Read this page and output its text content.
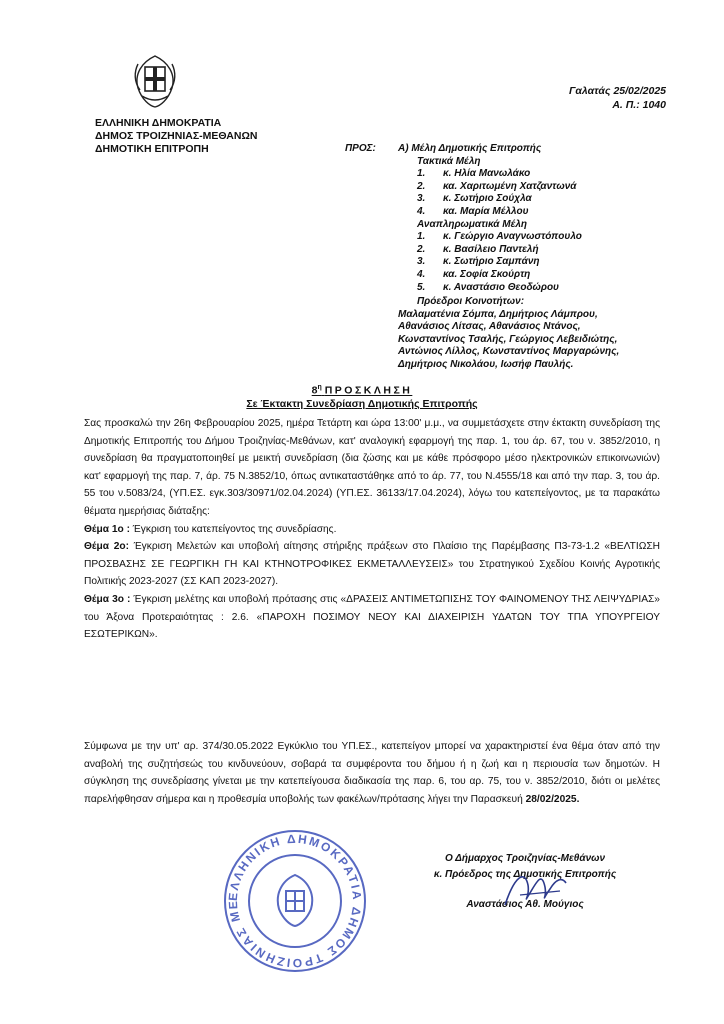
ΕΛΛΗΝΙΚΗ ΔΗΜΟΚΡΑΤΙΑ
ΔΗΜΟΣ ΤΡΟΙΖΗΝΙΑΣ-ΜΕΘΑΝΩΝ
ΔΗΜΟΤΙΚΗ ΕΠΙΤΡΟΠΗ
Γαλατάς 25/02/2025
Α. Π.: 1040
ΠΡΟΣ: Α) Μέλη Δημοτικής Επιτροπής
Τακτικά Μέλη
1.	κ. Ηλία Μανωλάκο
2.	κα. Χαριτωμένη Χατζαντωνά
3.	κ. Σωτήριο Σούχλα
4.	κα. Μαρία Μέλλου
Αναπληρωματικά Μέλη
1.	κ. Γεώργιο Αναγνωστόπουλο
2.	κ. Βασίλειο Παντελή
3.	κ. Σωτήριο Σαμπάνη
4.	κα. Σοφία Σκούρτη
5.	κ. Αναστάσιο Θεοδώρου
Πρόεδροι Κοινοτήτων:
Μαλαματένια Σόμπα, Δημήτριος Λάμπρου,
Αθανάσιος Λίτσας, Αθανάσιος Ντάνος,
Κωνσταντίνος Τσαλής, Γεώργιος Λεβειδιώτης,
Αντώνιος Λίλλος, Κωνσταντίνος Μαργαρώνης,
Δημήτριος Νικολάου, Ιωσήφ Παυλής.
$8^\eta$ ΠΡΟΣΚΛΗΣΗ
Σε Έκτακτη Συνεδρίαση Δημοτικής Επιτροπής

Σας προσκαλώ την 26η Φεβρουαρίου 2025, ημέρα Τετάρτη και ώρα 13:00' μ.μ., να συμμετάσχετε στην έκτακτη συνεδρίαση της Δημοτικής Επιτροπής του Δήμου Τροιζηνίας-Μεθάνων, κατ' αναλογική εφαρμογή της παρ. 1, του άρ. 67, του ν. 3852/2010, η συνεδρίαση θα πραγματοποιηθεί με μεικτή συνεδρίαση (δια ζώσης και με κάθε πρόσφορο μέσο ηλεκτρονικών επικοινωνιών) κατ' εφαρμογή της παρ. 7, άρ. 75 Ν.3852/10, όπως αντικαταστάθηκε από το άρ. 77, του Ν.4555/18 και από την παρ. 3, του άρ. 55 του ν.5083/24, (ΥΠ.ΕΣ. εγκ.303/30971/02.04.2024) (ΥΠ.ΕΣ. 36133/17.04.2024), λόγω του κατεπείγοντος, με τα παρακάτω θέματα ημερήσιας διάταξης:

Θέμα 1ο : Έγκριση του κατεπείγοντος της συνεδρίασης.

Θέμα 2ο: Έγκριση Μελετών και υποβολή αίτησης στήριξης πράξεων στο Πλαίσιο της Παρέμβασης Π3-73-1.2 «ΒΕΛΤΙΩΣΗ ΠΡΟΣΒΑΣΗΣ ΣΕ ΓΕΩΡΓΙΚΗ ΓΗ ΚΑΙ ΚΤΗΝΟΤΡΟΦΙΚΕΣ ΕΚΜΕΤΑΛΛΕΥΣΕΙΣ» του Στρατηγικού Σχεδίου Κοινής Αγροτικής Πολιτικής 2023-2027 (ΣΣ ΚΑΠ 2023-2027).

Θέμα 3ο : Έγκριση μελέτης και υποβολή πρότασης στις «ΔΡΑΣΕΙΣ ΑΝΤΙΜΕΤΩΠΙΣΗΣ ΤΟΥ ΦΑΙΝΟΜΕΝΟΥ ΤΗΣ ΛΕΙΨΥΔΡΙΑΣ» του Άξονα Προτεραιότητας : 2.6. «ΠΑΡΟΧΗ ΠΟΣΙΜΟΥ ΝΕΟΥ ΚΑΙ ΔΙΑΧΕΙΡΙΣΗ ΥΔΑΤΩΝ ΤΟΥ ΤΠΑ ΥΠΟΥΡΓΕΙΟΥ ΕΣΩΤΕΡΙΚΩΝ».

Σύμφωνα με την υπ' αρ. 374/30.05.2022 Εγκύκλιο του ΥΠ.ΕΣ., κατεπείγον μπορεί να χαρακτηριστεί ένα θέμα όταν από την αναβολή της συζητήσεώς του κινδυνεύουν, σοβαρά τα συμφέροντα του δήμου ή η ζωή και η περιουσία των δημοτών. Η σύγκληση της συνεδρίασης γίνεται με την κατεπείγουσα διαδικασία της παρ. 6, του αρ. 75, του ν. 3852/2010, διότι οι μελέτες παρελήφθησαν σήμερα και η προθεσμία υποβολής των φακέλων/πρότασης λήγει την Παρασκευή 28/02/2025.

ΕΛΛΗΝΙΚΗ ΔΗΜΟΚΡΑΤΙΑ ΔΗΜΟΣ ΤΡΟΙΖΗΝΙΑΣ ΜΕ
Ο Δήμαρχος Τροιζηνίας-Μεθάνων
κ. Πρόεδρος της Δημοτικής Επιτροπής
Αναστάσιος Αθ. Μούγιος
